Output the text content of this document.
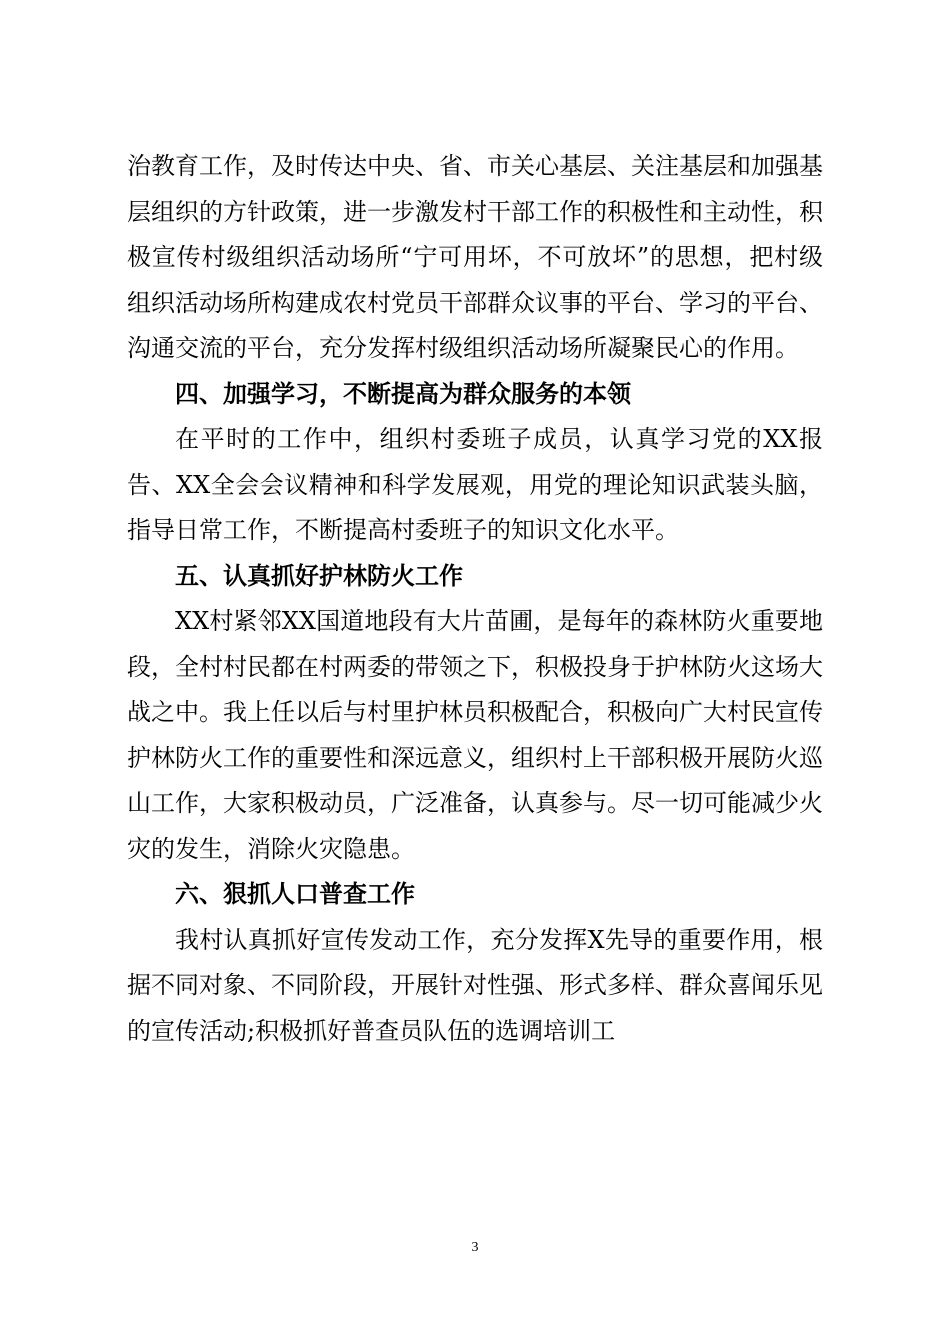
治教育工作，及时传达中央、省、市关心基层、关注基层和加强基层组织的方针政策，进一步激发村干部工作的积极性和主动性，积极宣传村级组织活动场所“宁可用坏，不可放坏”的思想，把村级组织活动场所构建成农村党员干部群众议事的平台、学习的平台、沟通交流的平台，充分发挥村级组织活动场所凝聚民心的作用。

四、加强学习，不断提高为群众服务的本领

在平时的工作中，组织村委班子成员，认真学习党的XX报告、XX全会会议精神和科学发展观，用党的理论知识武装头脑，指导日常工作，不断提高村委班子的知识文化水平。

五、认真抓好护林防火工作

XX村紧邻XX国道地段有大片苗圃，是每年的森林防火重要地段，全村村民都在村两委的带领之下，积极投身于护林防火这场大战之中。我上任以后与村里护林员积极配合，积极向广大村民宣传护林防火工作的重要性和深远意义，组织村上干部积极开展防火巡山工作，大家积极动员，广泛准备，认真参与。尽一切可能减少火灾的发生，消除火灾隐患。

六、狠抓人口普查工作

我村认真抓好宣传发动工作，充分发挥X先导的重要作用，根据不同对象、不同阶段，开展针对性强、形式多样、群众喜闻乐见的宣传活动;积极抓好普查员队伍的选调培训工

3
